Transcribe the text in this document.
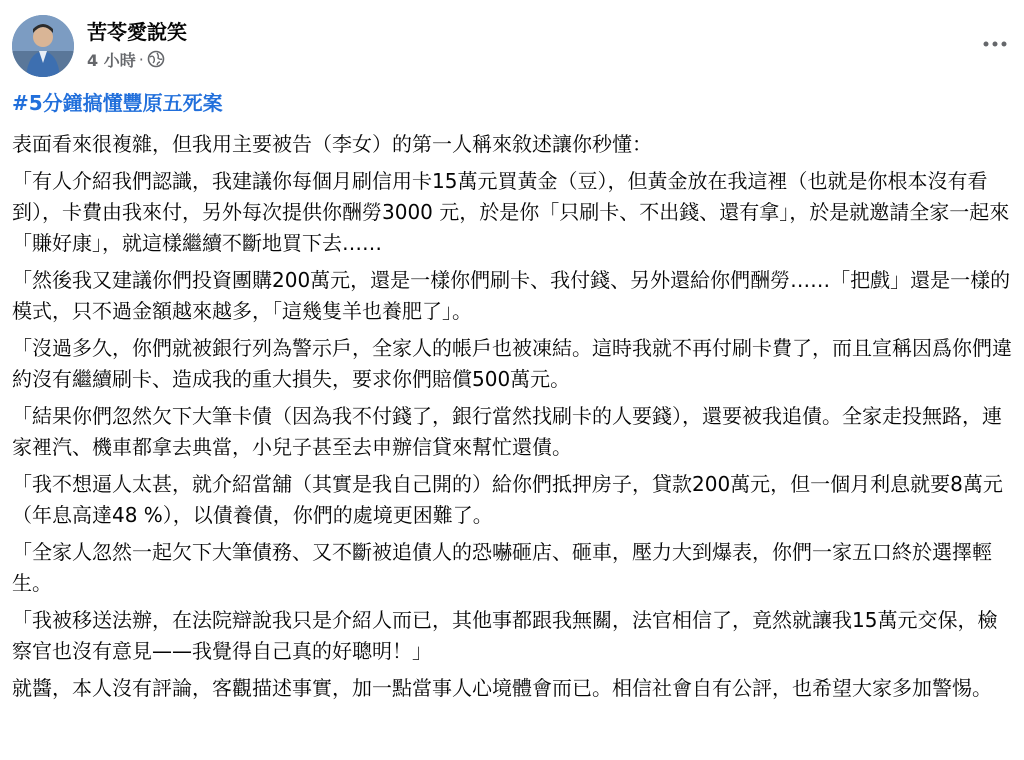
苦苓愛說笑
4 小時 ·
#5分鐘搞懂豐原五死案

表面看來很複雜，但我用主要被告（李女）的第一人稱來敘述讓你秒懂：

「有人介紹我們認識，我建議你每個月刷信用卡15萬元買黃金（豆），但黃金放在我這裡（也就是你根本沒有看到），卡費由我來付，另外每次提供你酬勞3000 元，於是你「只刷卡、不出錢、還有拿」，於是就邀請全家一起來「賺好康」，就這樣繼續不斷地買下去……

「然後我又建議你們投資團購200萬元，還是一樣你們刷卡、我付錢、另外還給你們酬勞……「把戲」還是一樣的模式，只不過金額越來越多，「這幾隻羊也養肥了」。

「沒過多久，你們就被銀行列為警示戶，全家人的帳戶也被凍結。這時我就不再付刷卡費了，而且宣稱因爲你們違約沒有繼續刷卡、造成我的重大損失，要求你們賠償500萬元。

「結果你們忽然欠下大筆卡債（因為我不付錢了，銀行當然找刷卡的人要錢），還要被我追債。全家走投無路，連家裡汽、機車都拿去典當，小兒子甚至去申辦信貸來幫忙還債。

「我不想逼人太甚，就介紹當舖（其實是我自己開的）給你們抵押房子，貸款200萬元，但一個月利息就要8萬元（年息高達48 %），以債養債，你們的處境更困難了。

「全家人忽然一起欠下大筆債務、又不斷被追債人的恐嚇砸店、砸車，壓力大到爆表，你們一家五口終於選擇輕生。

「我被移送法辦，在法院辯說我只是介紹人而已，其他事都跟我無關，法官相信了，竟然就讓我15萬元交保，檢察官也沒有意見——我覺得自己真的好聰明！」

就醬，本人沒有評論，客觀描述事實，加一點當事人心境體會而已。相信社會自有公評，也希望大家多加警惕。
